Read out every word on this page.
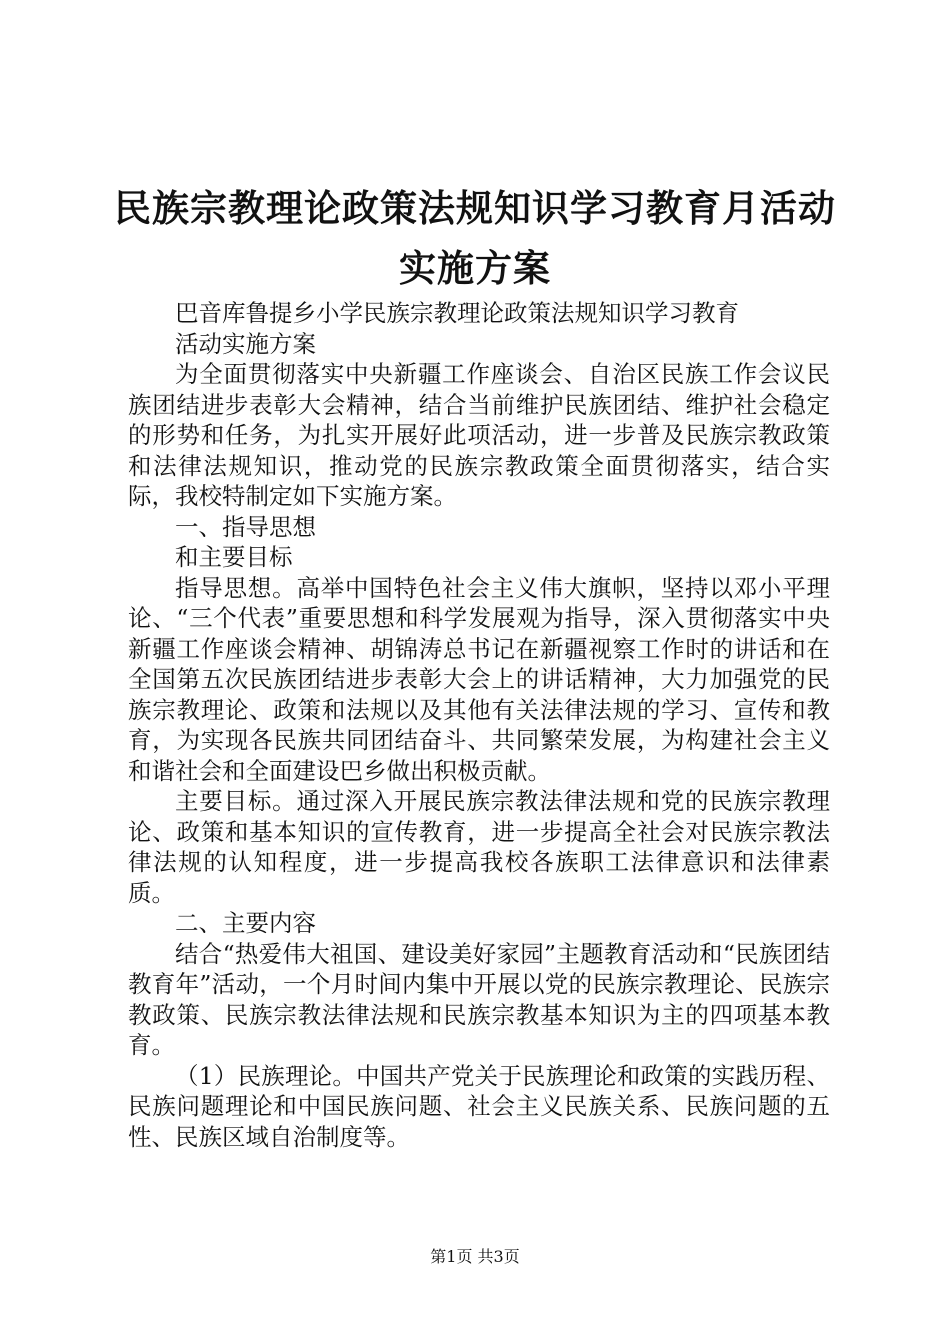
民族宗教理论政策法规知识学习教育月活动实施方案

巴音库鲁提乡小学民族宗教理论政策法规知识学习教育

活动实施方案

为全面贯彻落实中央新疆工作座谈会、自治区民族工作会议民族团结进步表彰大会精神，结合当前维护民族团结、维护社会稳定的形势和任务，为扎实开展好此项活动，进一步普及民族宗教政策和法律法规知识，推动党的民族宗教政策全面贯彻落实，结合实际，我校特制定如下实施方案。

一、指导思想

和主要目标

指导思想。高举中国特色社会主义伟大旗帜，坚持以邓小平理论、“三个代表”重要思想和科学发展观为指导，深入贯彻落实中央新疆工作座谈会精神、胡锦涛总书记在新疆视察工作时的讲话和在全国第五次民族团结进步表彰大会上的讲话精神，大力加强党的民族宗教理论、政策和法规以及其他有关法律法规的学习、宣传和教育，为实现各民族共同团结奋斗、共同繁荣发展，为构建社会主义和谐社会和全面建设巴乡做出积极贡献。

主要目标。通过深入开展民族宗教法律法规和党的民族宗教理论、政策和基本知识的宣传教育，进一步提高全社会对民族宗教法律法规的认知程度，进一步提高我校各族职工法律意识和法律素质。

二、主要内容

结合“热爱伟大祖国、建设美好家园”主题教育活动和“民族团结教育年”活动，一个月时间内集中开展以党的民族宗教理论、民族宗教政策、民族宗教法律法规和民族宗教基本知识为主的四项基本教育。

（1）民族理论。中国共产党关于民族理论和政策的实践历程、民族问题理论和中国民族问题、社会主义民族关系、民族问题的五性、民族区域自治制度等。

第1页 共3页
